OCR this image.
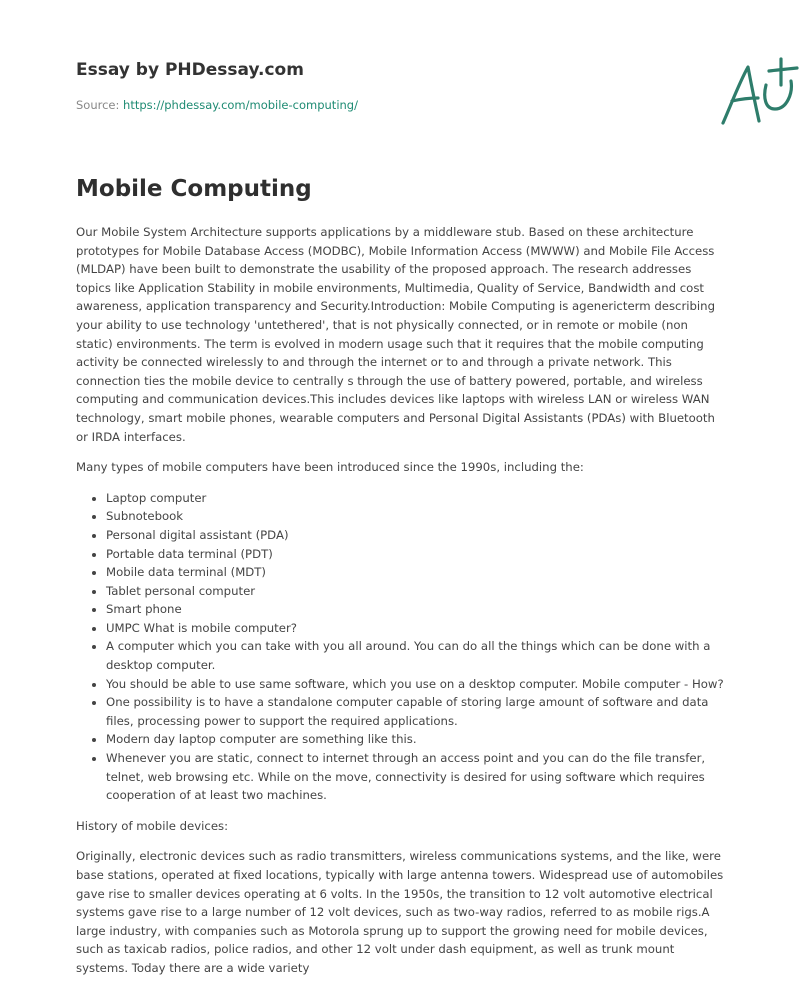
Essay by PHDessay.com
Source: https://phdessay.com/mobile-computing/
Mobile Computing

Our Mobile System Architecture supports applications by a middleware stub. Based on these architecture prototypes for Mobile Database Access (MODBC), Mobile Information Access (MWWW) and Mobile File Access (MLDAP) have been built to demonstrate the usability of the proposed approach. The research addresses topics like Application Stability in mobile environments, Multimedia, Quality of Service, Bandwidth and cost awareness, application transparency and Security.Introduction: Mobile Computing is agenericterm describing your ability to use technology 'untethered', that is not physically connected, or in remote or mobile (non static) environments. The term is evolved in modern usage such that it requires that the mobile computing activity be connected wirelessly to and through the internet or to and through a private network. This connection ties the mobile device to centrally s through the use of battery powered, portable, and wireless computing and communication devices.This includes devices like laptops with wireless LAN or wireless WAN technology, smart mobile phones, wearable computers and Personal Digital Assistants (PDAs) with Bluetooth or IRDA interfaces.

Many types of mobile computers have been introduced since the 1990s, including the:

• Laptop computer
• Subnotebook
• Personal digital assistant (PDA)
• Portable data terminal (PDT)
• Mobile data terminal (MDT)
• Tablet personal computer
• Smart phone
• UMPC What is mobile computer?
• A computer which you can take with you all around. You can do all the things which can be done with a desktop computer.
• You should be able to use same software, which you use on a desktop computer. Mobile computer - How?
• One possibility is to have a standalone computer capable of storing large amount of software and data files, processing power to support the required applications.
• Modern day laptop computer are something like this.
• Whenever you are static, connect to internet through an access point and you can do the file transfer, telnet, web browsing etc. While on the move, connectivity is desired for using software which requires cooperation of at least two machines.

History of mobile devices:

Originally, electronic devices such as radio transmitters, wireless communications systems, and the like, were base stations, operated at fixed locations, typically with large antenna towers. Widespread use of automobiles gave rise to smaller devices operating at 6 volts. In the 1950s, the transition to 12 volt automotive electrical systems gave rise to a large number of 12 volt devices, such as two-way radios, referred to as mobile rigs.A large industry, with companies such as Motorola sprung up to support the growing need for mobile devices, such as taxicab radios, police radios, and other 12 volt under dash equipment, as well as trunk mount systems. Today there are a wide variety
